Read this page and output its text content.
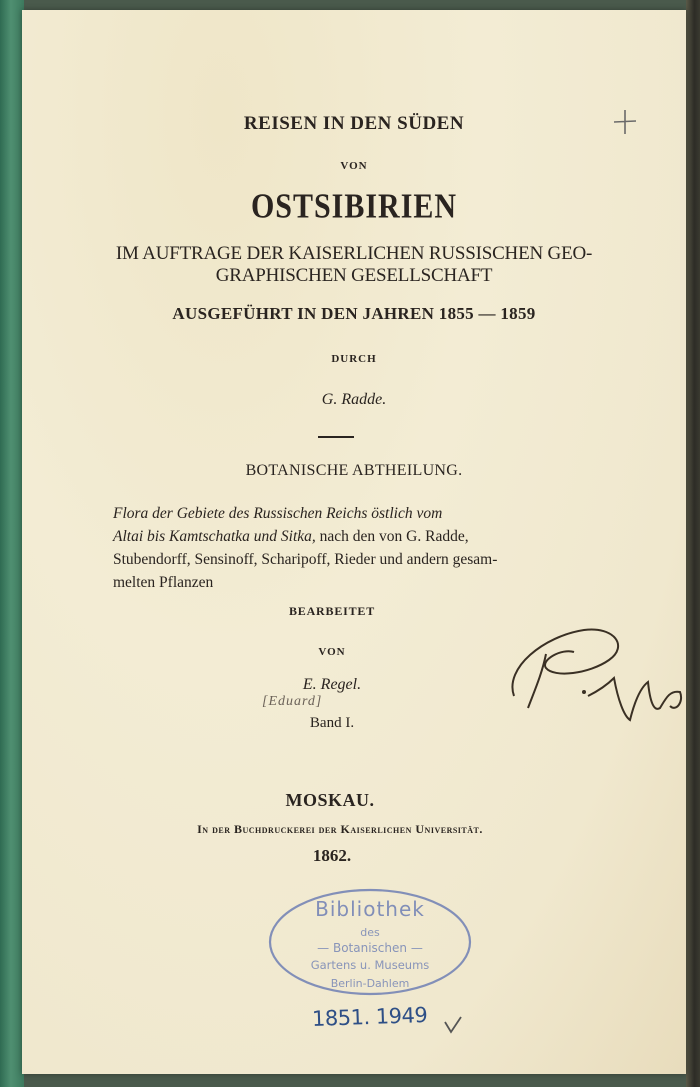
REISEN IN DEN SÜDEN
VON
OSTSIBIRIEN
IM AUFTRAGE DER KAISERLICHEN RUSSISCHEN GEO-
GRAPHISCHEN GESELLSCHAFT
AUSGEFÜHRT IN DEN JAHREN 1855 — 1859
DURCH
G. Radde.
BOTANISCHE ABTHEILUNG.
Flora der Gebiete des Russischen Reichs östlich vom
Altai bis Kamtschatka und Sitka, nach den von G. Radde,
Stubendorff, Sensinoff, Scharipoff, Rieder und andern gesam-
melten Pflanzen
BEARBEITET
VON
E. Regel.
[Eduard]
Band I.
MOSKAU.
In der Buchdruckerei der Kaiserlichen Universität.
1862.
Bibliothek
des
— Botanischen —
Gartens u. Museums
Berlin-Dahlem
1851. 1949
